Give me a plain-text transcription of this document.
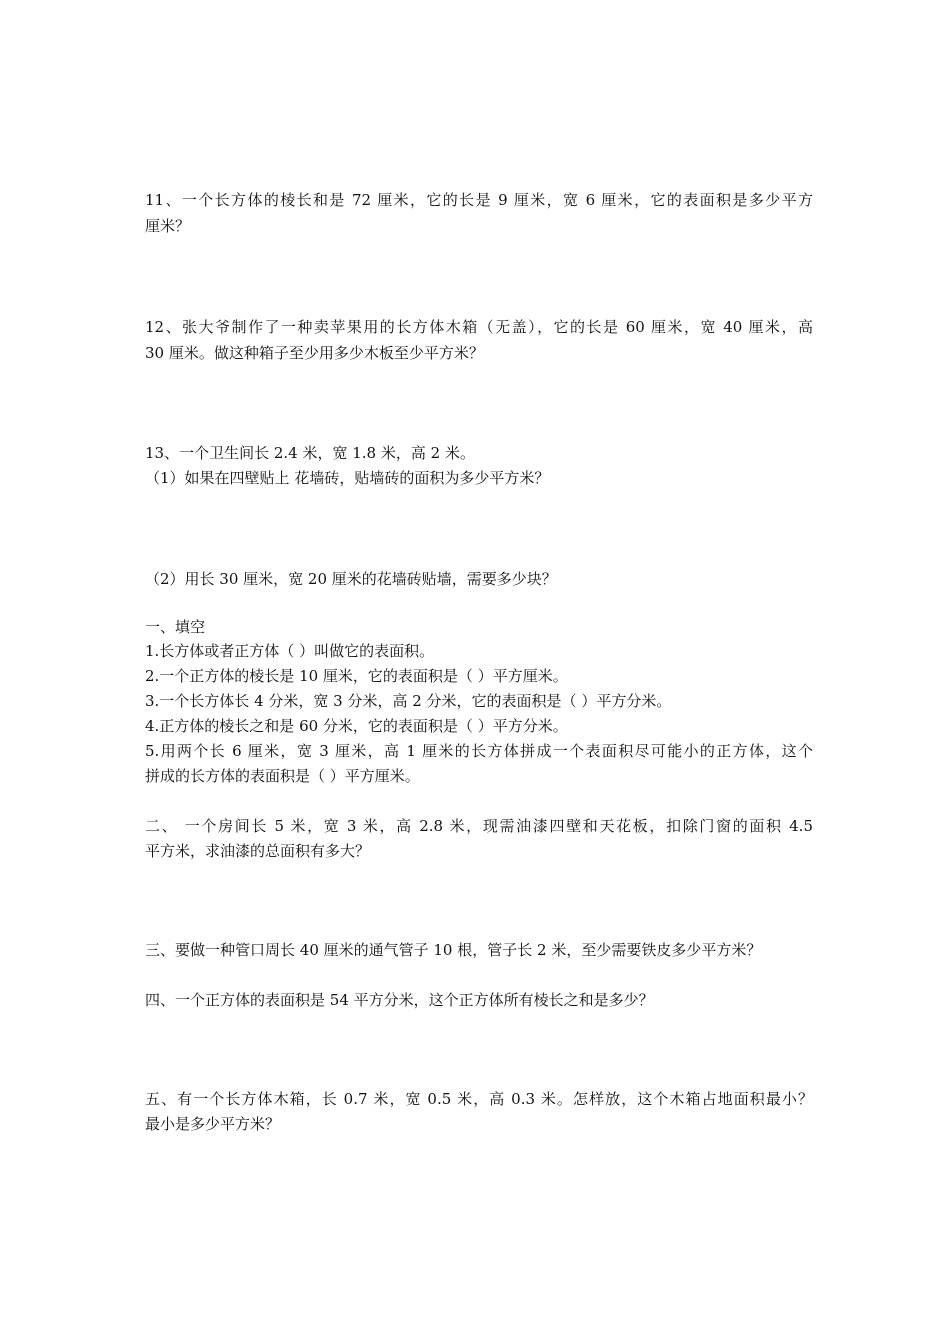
11、一个长方体的棱长和是 72 厘米，它的长是 9 厘米，宽 6 厘米，它的表面积是多少平方
厘米？
12、张大爷制作了一种卖苹果用的长方体木箱（无盖），它的长是 60 厘米，宽 40 厘米，高
30 厘米。做这种箱子至少用多少木板至少平方米？
13、一个卫生间长 2.4 米，宽 1.8 米，高 2 米。
（1）如果在四壁贴上 花墙砖，贴墙砖的面积为多少平方米？
（2）用长 30 厘米，宽 20 厘米的花墙砖贴墙，需要多少块？
一、填空
1.长方体或者正方体（ ）叫做它的表面积。
2.一个正方体的棱长是 10 厘米，它的表面积是（ ）平方厘米。
3.一个长方体长 4 分米，宽 3 分米，高 2 分米，它的表面积是（ ）平方分米。
4.正方体的棱长之和是 60 分米，它的表面积是（ ）平方分米。
5.用两个长 6 厘米，宽 3 厘米，高 1 厘米的长方体拼成一个表面积尽可能小的正方体，这个
拼成的长方体的表面积是（ ）平方厘米。
二、 一个房间长 5 米，宽 3 米，高 2.8 米，现需油漆四壁和天花板，扣除门窗的面积 4.5
平方米，求油漆的总面积有多大？
三、要做一种管口周长 40 厘米的通气管子 10 根，管子长 2 米，至少需要铁皮多少平方米？
四、一个正方体的表面积是 54 平方分米，这个正方体所有棱长之和是多少？
五、有一个长方体木箱，长 0.7 米，宽 0.5 米，高 0.3 米。怎样放，这个木箱占地面积最小？
最小是多少平方米？
